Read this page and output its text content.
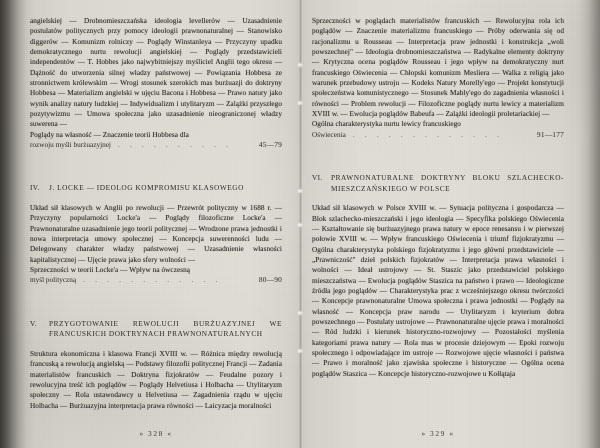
angielskiej — Drobnomieszczańska ideologia levellerów — Uzasadnienie postulatów politycznych przy pomocy ideologii prawnonaturalnej — Stanowisko diggerów — Komunizm rolniczy — Poglądy Winstanleya — Przyczyny upadku demokratycznego nurtu rewolucji angielskiej — Poglądy przedstawicieli independentów — T. Hobbes jako najwybitniejszy myśliciel Anglii tego okresu — Dążność do utworzenia silnej władzy państwowej — Powiązania Hobbesa ze stronnictwem królewskim — Wrogi stosunek szerokich mas burżuazji do doktryny Hobbesa — Materializm angielski w ujęciu Bacona i Hobbesa — Prawo natury jako wynik analizy natury ludzkiej — Indywidualizm i utylitaryzm — Zalążki przyszłego pozytywizmu — Umowa społeczna jako uzasadnienie nieograniczonej władzy suwerena —

Poglądy na własność — Znaczenie teorii Hobbesa dla

rozwoju myśli burżuazyjnej . . . . . . . . . .	45—79
IV.	J. LOCKE — IDEOLOG KOMPROMISU KLASOWEGO

Układ sił klasowych w Anglii po rewolucji — Przewrót polityczny w 1688 r. — Przyczyny popularności Locke'a — Poglądy filozoficzne Locke'a — Prawnonaturalne uzasadnienie jego teorii politycznej — Wrodzone prawa jednostki i nowa interpretacja umowy społecznej — Koncepcja suwerenności ludu — Delegowany charakter władzy państwowej — Uzasadnienie własności kapitalistycznej — Ujęcie prawa jako sfery wolności —

Sprzeczności w teorii Locke'a — Wpływ na ówczesną

myśl polityczną . . . . . . . . . . . .	80—90
V.	PRZYGOTOWANIE REWOLUCJI BURŻUAZYJNEJ WE FRANCUSKICH DOKTRYNACH PRAWNONATURALNYCH

Struktura ekonomiczna i klasowa Francji XVIII w. — Różnica między rewolucją francuską a rewolucją angielską — Podstawy filozofii politycznej Francji — Zadania materialistów francuskich — Doktryna fizjokratów — Feudalne pozory i rewolucyjna treść ich poglądów — Poglądy Helvetiusa i Holbacha — Utylitaryzm społeczny — Rola ustawodawcy u Helvetiusa — Zagadnienia rządu w ujęciu Holbacha — Burżuazyjna interpretacja prawa równości — Laicyzacja moralności

» 328 «

Sprzeczności w poglądach materialistów francuskich — Rewolucyjna rola ich poglądów — Znaczenie materializmu francuskiego — Próby oderwania się od racjonalizmu u Rousseau — Interpretacja praw jednostki i konstrukcja „woli powszechnej" — Ideologia drobnomieszczaństwa — Radykalne elementy doktryny — Krytyczna ocena poglądów Rousseau i jego wpływ na demokratyczny nurt francuskiego Oświecenia — Chłopski komunizm Mesliera — Walka z religią jako warunek przebudowy ustroju — Kodeks Natury Morelly'ego — Projekt konstytucji społeczeństwa komunistycznego — Stosunek Mably'ego do zagadnienia własności i równości — Problem rewolucji — Filozoficzne poglądy nurtu lewicy a materializm XVIII w. — Ewolucja poglądów Babeufa — Zalążki ideologii proletariackiej —

Ogólna charakterystyka nurtu lewicy francuskiego

Oświecenia . . . . . . . . . . . . .	91—177
VI.	PRAWNONATURALNE DOKTRYNY BLOKU SZLACHECKO-MIESZCZAŃSKIEGO W POLSCE

Układ sił klasowych w Polsce XVIII w. — Sytuacja polityczna i gospodarcza — Blok szlachecko-mieszczański i jego ideologia — Specyfika polskiego Oświecenia — Kształtowanie się burżuazyjnego prawa natury w epoce renesansu i w pierwszej połowie XVIII w. — Wpływ francuskiego Oświecenia i triumf fizjokratyzmu — Ogólna charakterystyka polskiego fizjokratyzmu i jego główni przedstawiciele — „Prawniczość" dzieł polskich fizjokratów — Interpretacja prawa własności i wolności — Ideał ustrojowy — St. Staszic jako przedstawiciel polskiego mieszczaństwa — Ewolucja poglądów Staszica na państwo i prawo — Ideologiczne źródła jego poglądów — Charakterystyka prac z wcześniejszego okresu twórczości — Koncepcje prawnonaturalne Umowa społeczna i prawa jednostki — Poglądy na własność — Koncepcja praw narodu — Utylitaryzm i kryterium dobra powszechnego — Postulaty ustrojowe — Prawnonaturalne ujęcie prawa i moralności — Ród ludzki i kierunek historyczno-rozwojowy — Pozostałości myślenia kategoriami prawa natury — Rola mas w procesie dziejowym — Epoki rozwoju społecznego i odpowiadające im ustroje — Rozwojowe ujęcie własności i państwa — Prawo i moralność jako zjawiska społeczne i historyczne — Ogólna ocena poglądów Staszica — Koncepcje historyczno-rozwojowe u Kołłątaja

» 329 «
